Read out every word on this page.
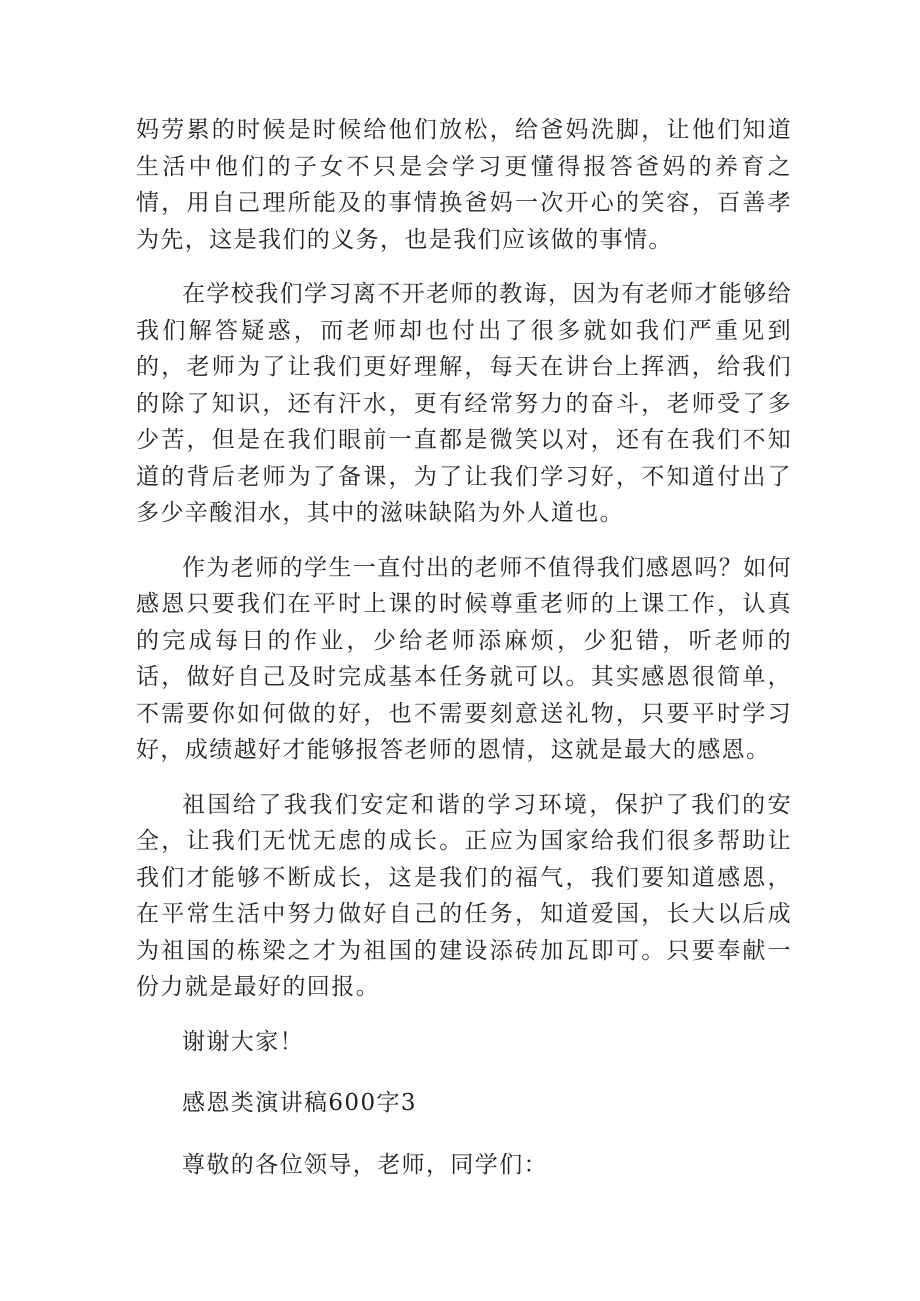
妈劳累的时候是时候给他们放松，给爸妈洗脚，让他们知道生活中他们的子女不只是会学习更懂得报答爸妈的养育之情，用自己理所能及的事情换爸妈一次开心的笑容，百善孝为先，这是我们的义务，也是我们应该做的事情。

在学校我们学习离不开老师的教诲，因为有老师才能够给我们解答疑惑，而老师却也付出了很多就如我们严重见到的，老师为了让我们更好理解，每天在讲台上挥洒，给我们的除了知识，还有汗水，更有经常努力的奋斗，老师受了多少苦，但是在我们眼前一直都是微笑以对，还有在我们不知道的背后老师为了备课，为了让我们学习好，不知道付出了多少辛酸泪水，其中的滋味缺陷为外人道也。

作为老师的学生一直付出的老师不值得我们感恩吗？如何感恩只要我们在平时上课的时候尊重老师的上课工作，认真的完成每日的作业，少给老师添麻烦，少犯错，听老师的话，做好自己及时完成基本任务就可以。其实感恩很简单，不需要你如何做的好，也不需要刻意送礼物，只要平时学习好，成绩越好才能够报答老师的恩情，这就是最大的感恩。

祖国给了我我们安定和谐的学习环境，保护了我们的安全，让我们无忧无虑的成长。正应为国家给我们很多帮助让我们才能够不断成长，这是我们的福气，我们要知道感恩，在平常生活中努力做好自己的任务，知道爱国，长大以后成为祖国的栋梁之才为祖国的建设添砖加瓦即可。只要奉献一份力就是最好的回报。

谢谢大家！

感恩类演讲稿600字3

尊敬的各位领导，老师，同学们：
